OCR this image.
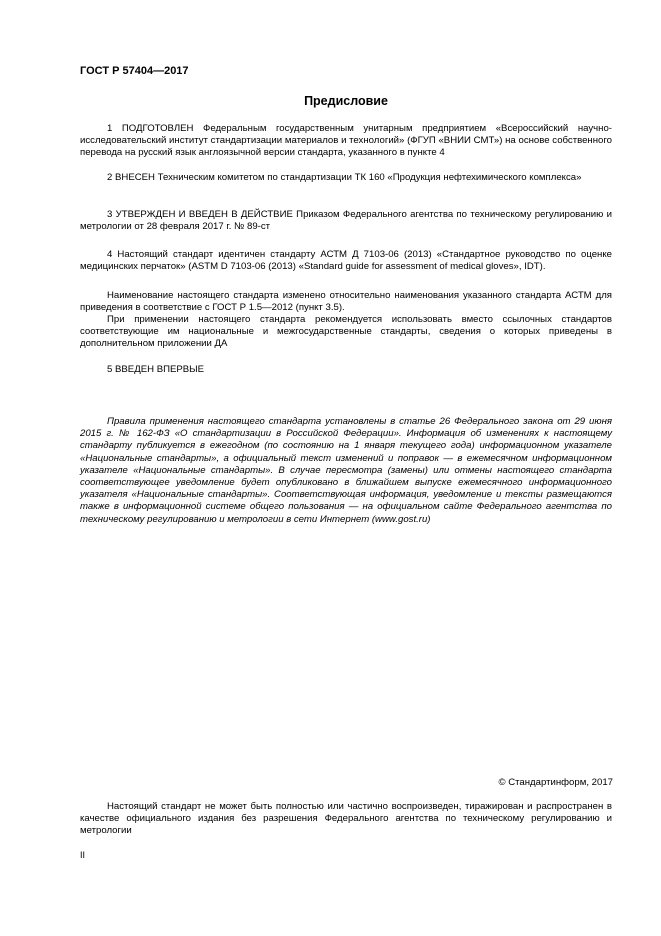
ГОСТ Р 57404—2017
Предисловие

1 ПОДГОТОВЛЕН Федеральным государственным унитарным предприятием «Всероссийский научно-исследовательский институт стандартизации материалов и технологий» (ФГУП «ВНИИ СМТ») на основе собственного перевода на русский язык англоязычной версии стандарта, указанного в пункте 4

2 ВНЕСЕН Техническим комитетом по стандартизации ТК 160 «Продукция нефтехимического комплекса»

3 УТВЕРЖДЕН И ВВЕДЕН В ДЕЙСТВИЕ Приказом Федерального агентства по техническому регулированию и метрологии от 28 февраля 2017 г. № 89-ст

4 Настоящий стандарт идентичен стандарту АСТМ Д 7103-06 (2013) «Стандартное руководство по оценке медицинских перчаток» (ASTM D 7103-06 (2013) «Standard guide for assessment of medical gloves», IDT).

Наименование настоящего стандарта изменено относительно наименования указанного стандарта АСТМ для приведения в соответствие с ГОСТ Р 1.5—2012 (пункт 3.5).

При применении настоящего стандарта рекомендуется использовать вместо ссылочных стандартов соответствующие им национальные и межгосударственные стандарты, сведения о которых приведены в дополнительном приложении ДА

5 ВВЕДЕН ВПЕРВЫЕ

Правила применения настоящего стандарта установлены в статье 26 Федерального закона от 29 июня 2015 г. № 162-ФЗ «О стандартизации в Российской Федерации». Информация об изменениях к настоящему стандарту публикуется в ежегодном (по состоянию на 1 января текущего года) информационном указателе «Национальные стандарты», а официальный текст изменений и поправок — в ежемесячном информационном указателе «Национальные стандарты». В случае пересмотра (замены) или отмены настоящего стандарта соответствующее уведомление будет опубликовано в ближайшем выпуске ежемесячного информационного указателя «Национальные стандарты». Соответствующая информация, уведомление и тексты размещаются также в информационной системе общего пользования — на официальном сайте Федерального агентства по техническому регулированию и метрологии в сети Интернет (www.gost.ru)

© Стандартинформ, 2017

Настоящий стандарт не может быть полностью или частично воспроизведен, тиражирован и распространен в качестве официального издания без разрешения Федерального агентства по техническому регулированию и метрологии

II
